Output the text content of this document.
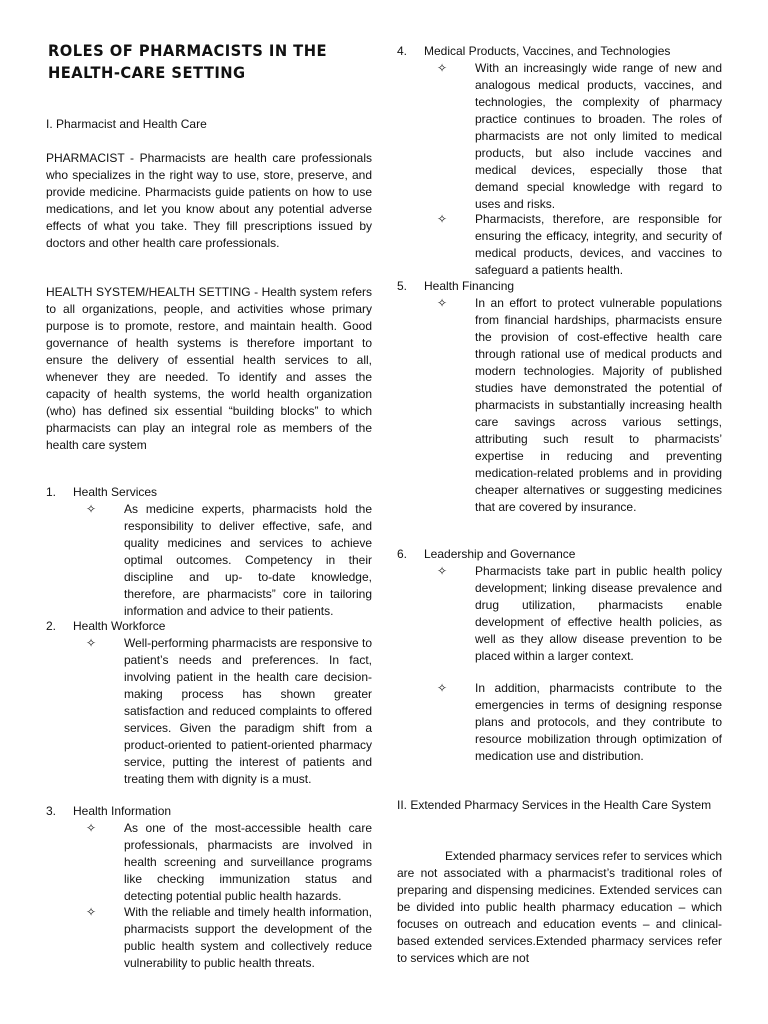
ROLES OF PHARMACISTS IN THE HEALTH-CARE SETTING

I. Pharmacist and Health Care

PHARMACIST - Pharmacists are health care professionals who specializes in the right way to use, store, preserve, and provide medicine. Pharmacists guide patients on how to use medications, and let you know about any potential adverse effects of what you take. They fill prescriptions issued by doctors and other health care professionals.

HEALTH SYSTEM/HEALTH SETTING - Health system refers to all organizations, people, and activities whose primary purpose is to promote, restore, and maintain health. Good governance of health systems is therefore important to ensure the delivery of essential health services to all, whenever they are needed. To identify and asses the capacity of health systems, the world health organization (who) has defined six essential “building blocks” to which pharmacists can play an integral role as members of the health care system

1. Health Services
✧ As medicine experts, pharmacists hold the responsibility to deliver effective, safe, and quality medicines and services to achieve optimal outcomes. Competency in their discipline and up- to-date knowledge, therefore, are pharmacists” core in tailoring information and advice to their patients.
2. Health Workforce
✧ Well-performing pharmacists are responsive to patient’s needs and preferences. In fact, involving patient in the health care decision-making process has shown greater satisfaction and reduced complaints to offered services. Given the paradigm shift from a product-oriented to patient-oriented pharmacy service, putting the interest of patients and treating them with dignity is a must.
3. Health Information
✧ As one of the most-accessible health care professionals, pharmacists are involved in health screening and surveillance programs like checking immunization status and detecting potential public health hazards.
✧ With the reliable and timely health information, pharmacists support the development of the public health system and collectively reduce vulnerability to public health threats.
4. Medical Products, Vaccines, and Technologies
✧ With an increasingly wide range of new and analogous medical products, vaccines, and technologies, the complexity of pharmacy practice continues to broaden. The roles of pharmacists are not only limited to medical products, but also include vaccines and medical devices, especially those that demand special knowledge with regard to uses and risks.
✧ Pharmacists, therefore, are responsible for ensuring the efficacy, integrity, and security of medical products, devices, and vaccines to safeguard a patients health.
5. Health Financing
✧ In an effort to protect vulnerable populations from financial hardships, pharmacists ensure the provision of cost-effective health care through rational use of medical products and modern technologies. Majority of published studies have demonstrated the potential of pharmacists in substantially increasing health care savings across various settings, attributing such result to pharmacists’ expertise in reducing and preventing medication-related problems and in providing cheaper alternatives or suggesting medicines that are covered by insurance.
6. Leadership and Governance
✧ Pharmacists take part in public health policy development; linking disease prevalence and drug utilization, pharmacists enable development of effective health policies, as well as they allow disease prevention to be placed within a larger context.
✧ In addition, pharmacists contribute to the emergencies in terms of designing response plans and protocols, and they contribute to resource mobilization through optimization of medication use and distribution.

II. Extended Pharmacy Services in the Health Care System

Extended pharmacy services refer to services which are not associated with a pharmacist’s traditional roles of preparing and dispensing medicines. Extended services can be divided into public health pharmacy education – which focuses on outreach and education events – and clinical-based extended services.Extended pharmacy services refer to services which are not
